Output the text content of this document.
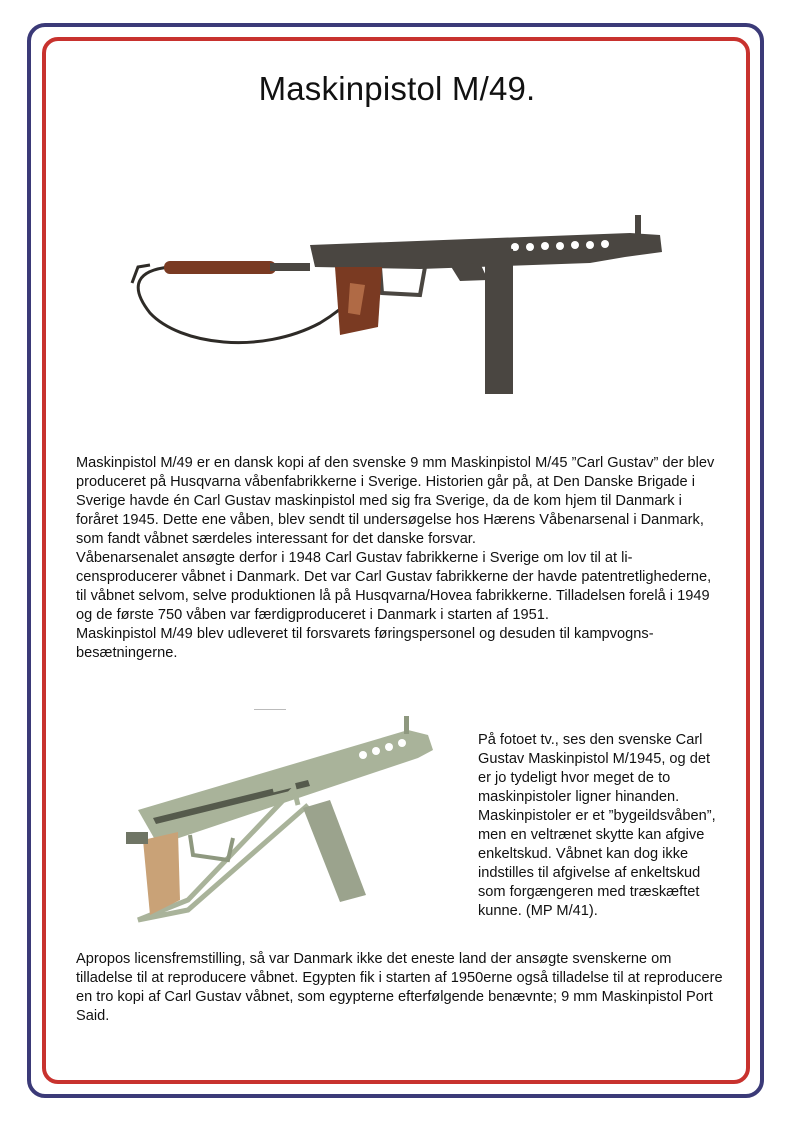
Maskinpistol M/49.

Maskinpistol M/49 er en dansk kopi af den svenske 9 mm Maskinpistol M/45 ”Carl Gustav” der blev produceret på Husqvarna våbenfabrikkerne i Sverige. Historien går på, at Den Danske Brigade i Sverige havde én Carl Gustav maskinpistol med sig fra Sverige, da de kom hjem til Danmark i foråret 1945. Dette ene våben, blev sendt til undersøgelse hos Hærens Våbenarsenal i Danmark, som fandt våbnet særdeles interessant for det danske forsvar.
Våbenarsenalet ansøgte derfor i 1948 Carl Gustav fabrikkerne i Sverige om lov til at licensproducerer våbnet i Danmark. Det var Carl Gustav fabrikkerne der havde patentretlighederne, til våbnet selvom, selve produktionen lå på Husqvarna/Hovea fabrikkerne. Tilladelsen forelå i 1949 og de første 750 våben var færdigproduceret i Danmark i starten af 1951.
Maskinpistol M/49 blev udleveret til forsvarets føringspersonel og desuden til kampvognsbesætningerne.

På fotoet tv., ses den svenske Carl Gustav Maskinpistol M/1945, og det er jo tydeligt hvor meget de to maskinpistoler ligner hinanden. Maskinpistoler er et ”bygeildsvåben”, men en veltrænet skytte kan afgive enkeltskud. Våbnet kan dog ikke indstilles til afgivelse af enkeltskud som forgængeren med træskæftet kunne. (MP M/41).

Apropos licensfremstilling, så var Danmark ikke det eneste land der ansøgte svenskerne om tilladelse til at reproducere våbnet. Egypten fik i starten af 1950erne også tilladelse til at reproducere en tro kopi af Carl Gustav våbnet, som egypterne efterfølgende benævnte; 9 mm Maskinpistol Port Said.
